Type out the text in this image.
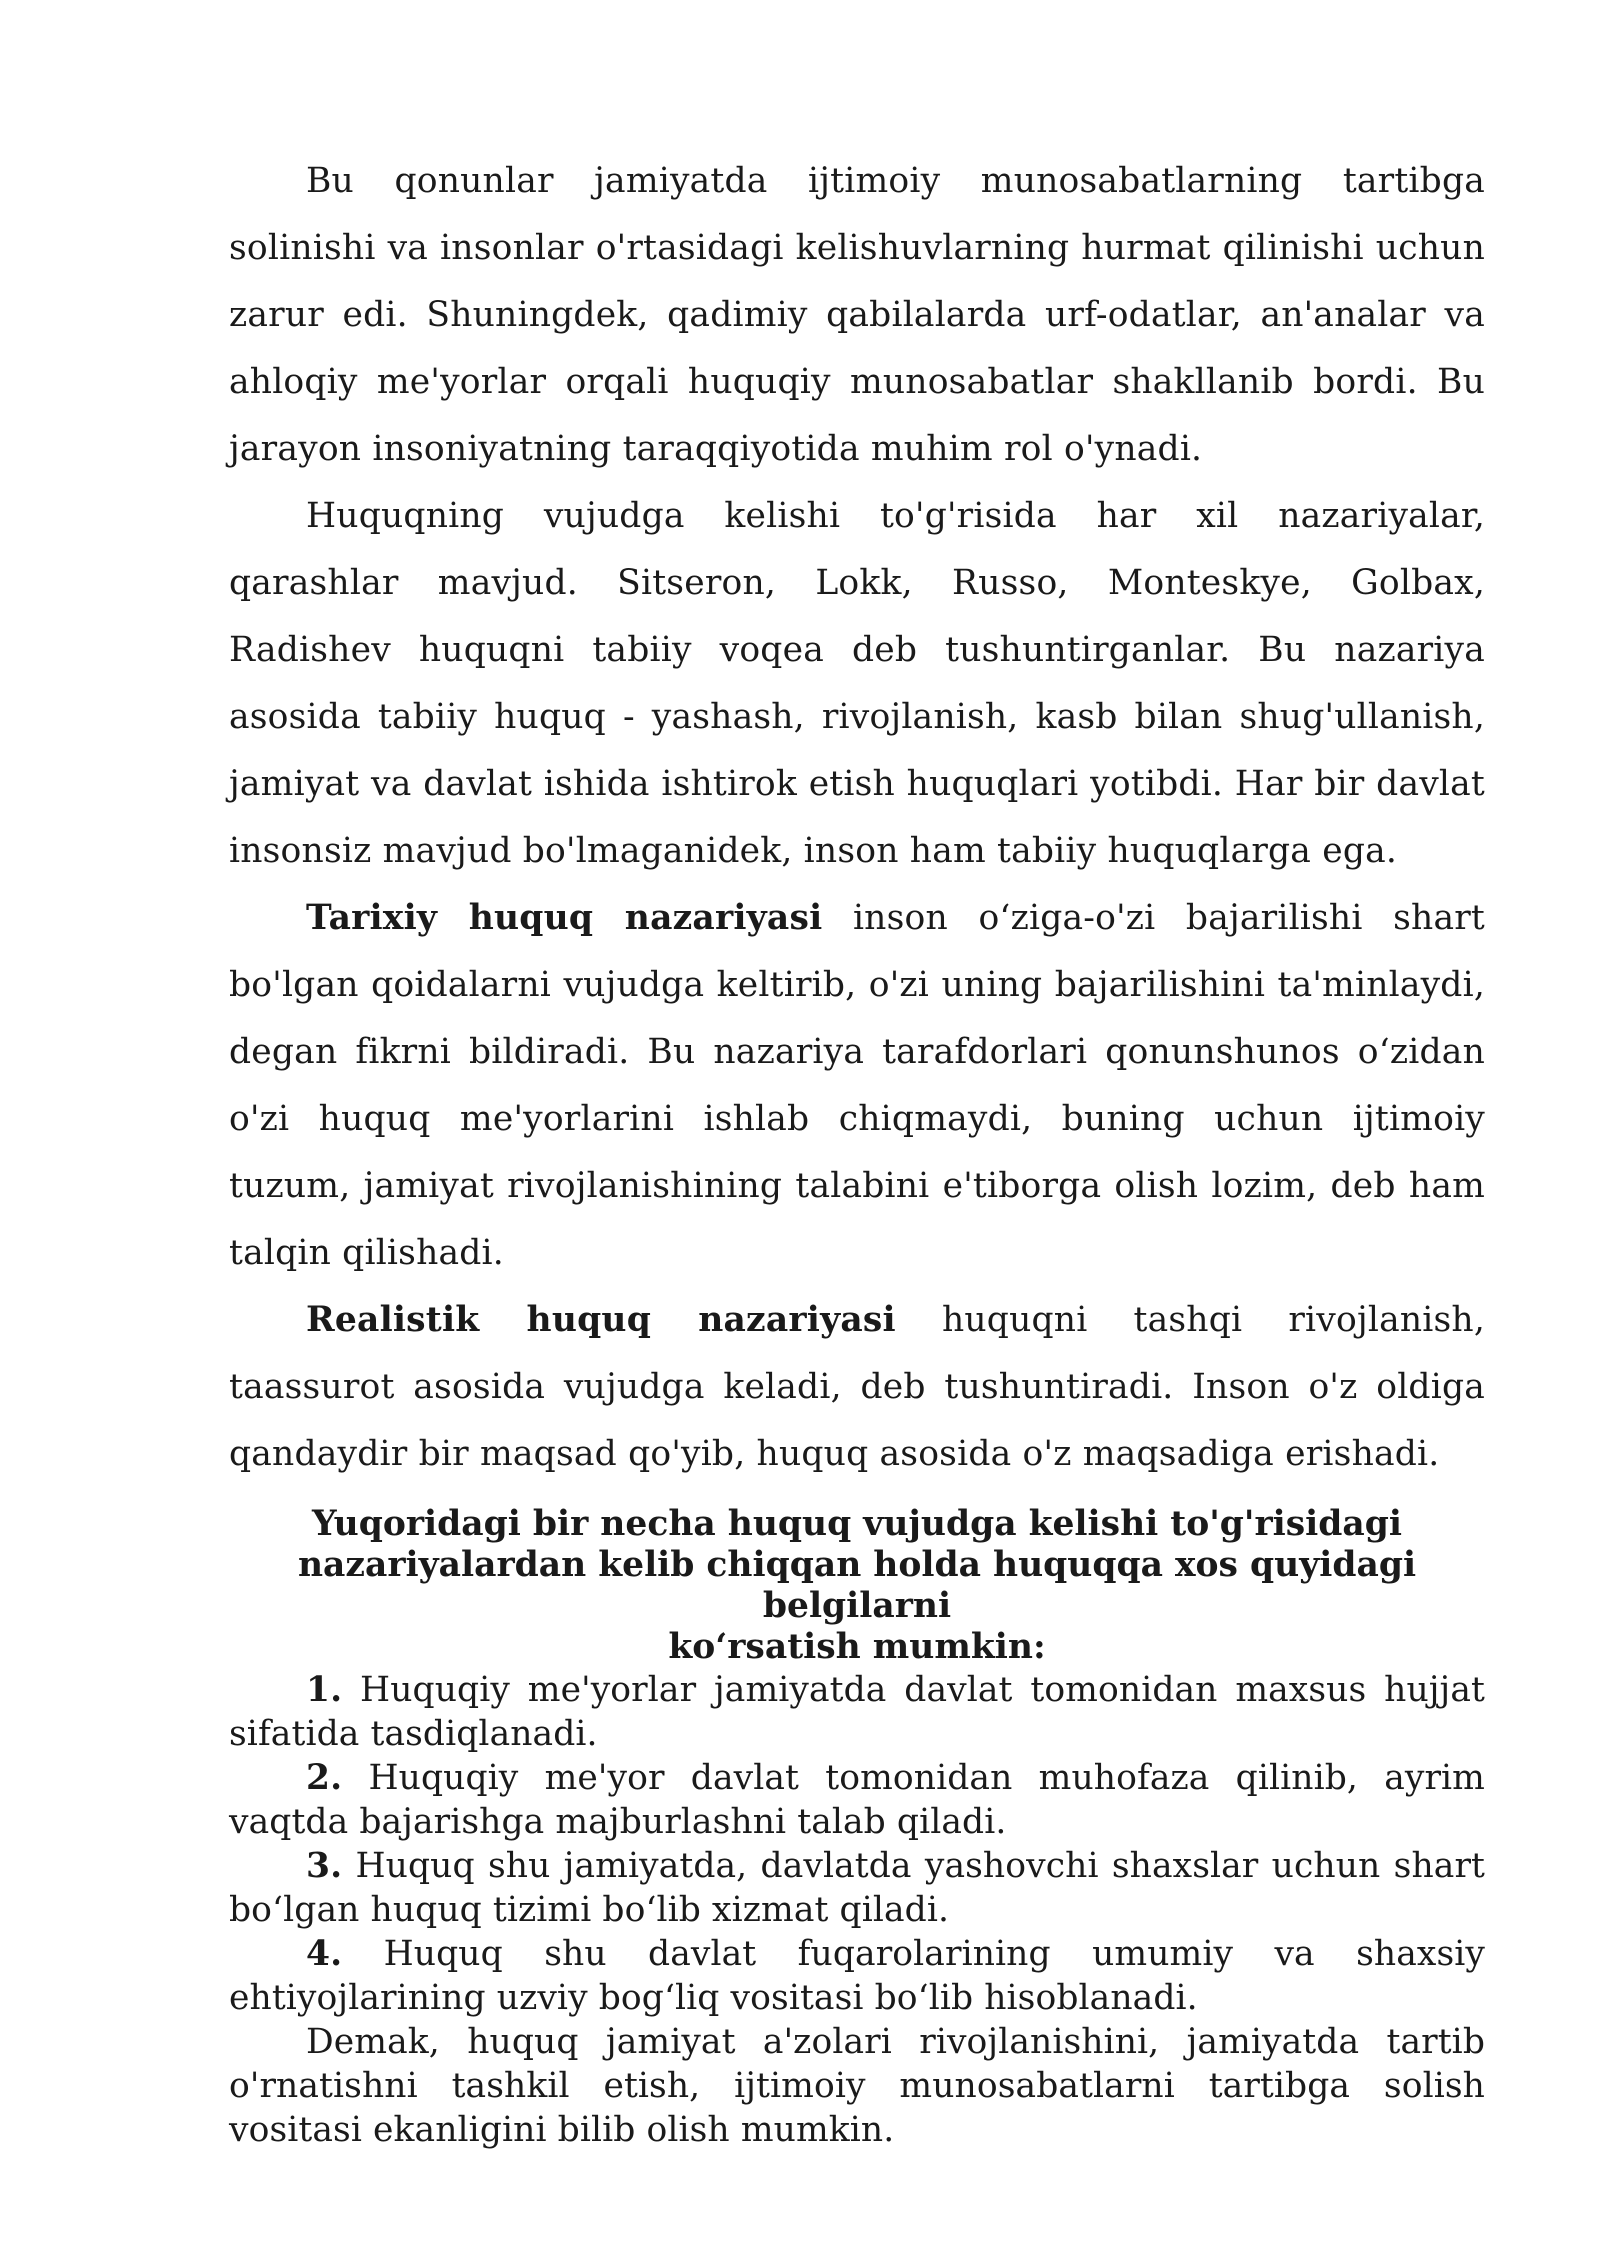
Bu qonunlar jamiyatda ijtimoiy munosabatlarning tartibga solinishi va insonlar o'rtasidagi kelishuvlarning hurmat qilinishi uchun zarur edi. Shuningdek, qadimiy qabilalarda urf-odatlar, an'analar va ahloqiy me'yorlar orqali huquqiy munosabatlar shakllanib bordi. Bu jarayon insoniyatning taraqqiyotida muhim rol o'ynadi.

Huquqning vujudga kelishi to'g'risida har xil nazariyalar, qarashlar mavjud. Sitseron, Lokk, Russo, Monteskye, Golbax, Radishev huquqni tabiiy voqea deb tushuntirganlar. Bu nazariya asosida tabiiy huquq - yashash, rivojlanish, kasb bilan shug'ullanish, jamiyat va davlat ishida ishtirok etish huquqlari yotibdi. Har bir davlat insonsiz mavjud bo'lmaganidek, inson ham tabiiy huquqlarga ega.

Tarixiy huquq nazariyasi inson o‘ziga-o'zi bajarilishi shart bo'lgan qoidalarni vujudga keltirib, o'zi uning bajarilishini ta'minlaydi, degan fikrni bildiradi. Bu nazariya tarafdorlari qonunshunos o‘zidan o'zi huquq me'yorlarini ishlab chiqmaydi, buning uchun ijtimoiy tuzum, jamiyat rivojlanishining talabini e'tiborga olish lozim, deb ham talqin qilishadi.

Realistik huquq nazariyasi huquqni tashqi rivojlanish, taassurot asosida vujudga keladi, deb tushuntiradi. Inson o'z oldiga qandaydir bir maqsad qo'yib, huquq asosida o'z maqsadiga erishadi.

Yuqoridagi bir necha huquq vujudga kelishi to'g'risidagi
nazariyalardan kelib chiqqan holda huquqqa xos quyidagi belgilarni
ko‘rsatish mumkin:

1. Huquqiy me'yorlar jamiyatda davlat tomonidan maxsus hujjat sifatida tasdiqlanadi.

2. Huquqiy me'yor davlat tomonidan muhofaza qilinib, ayrim vaqtda bajarishga majburlashni talab qiladi.

3. Huquq shu jamiyatda, davlatda yashovchi shaxslar uchun shart bo‘lgan huquq tizimi bo‘lib xizmat qiladi.

4. Huquq shu davlat fuqarolarining umumiy va shaxsiy ehtiyojlarining uzviy bog‘liq vositasi bo‘lib hisoblanadi.

Demak, huquq jamiyat a'zolari rivojlanishini, jamiyatda tartib o'rnatishni tashkil etish, ijtimoiy munosabatlarni tartibga solish vositasi ekanligini bilib olish mumkin.
